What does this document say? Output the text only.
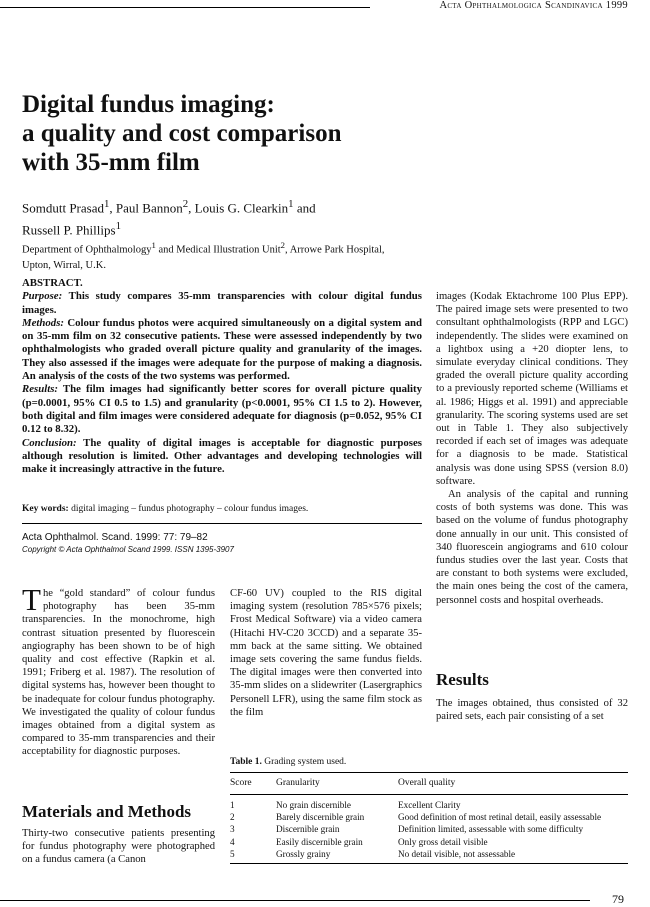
Acta Ophthalmologica Scandinavica 1999
Digital fundus imaging:
a quality and cost comparison
with 35-mm film
Somdutt Prasad$^1$, Paul Bannon$^2$, Louis G. Clearkin$^1$ and
Russell P. Phillips$^1$
Department of Ophthalmology$^1$ and Medical Illustration Unit$^2$, Arrowe Park Hospital, Upton, Wirral, U.K.

ABSTRACT.

Purpose: This study compares 35-mm transparencies with colour digital fundus images.

Methods: Colour fundus photos were acquired simultaneously on a digital system and on 35-mm film on 32 consecutive patients. These were assessed independently by two ophthalmologists who graded overall picture quality and granularity of the images. They also assessed if the images were adequate for the purpose of making a diagnosis. An analysis of the costs of the two systems was performed.

Results: The film images had significantly better scores for overall picture quality (p=0.0001, 95% CI 0.5 to 1.5) and granularity (p<0.0001, 95% CI 1.5 to 2). However, both digital and film images were considered adequate for diagnosis (p=0.052, 95% CI 0.12 to 8.32).

Conclusion: The quality of digital images is acceptable for diagnostic purposes although resolution is limited. Other advantages and developing technologies will make it increasingly attractive in the future.

Key words: digital imaging – fundus photography – colour fundus images.
Acta Ophthalmol. Scand. 1999: 77: 79–82
Copyright © Acta Ophthalmol Scand 1999. ISSN 1395-3907

The “gold standard” of colour fundus photography has been 35-mm transparencies. In the monochrome, high contrast situation presented by fluorescein angiography has been shown to be of high quality and cost effective (Rapkin et al. 1991; Friberg et al. 1987). The resolution of digital systems has, however been thought to be inadequate for colour fundus photography. We investigated the quality of colour fundus images obtained from a digital system as compared to 35-mm transparencies and their acceptability for diagnostic purposes.

Materials and Methods

Thirty-two consecutive patients presenting for fundus photography were photographed on a fundus camera (a Canon

CF-60 UV) coupled to the RIS digital imaging system (resolution 785×576 pixels; Frost Medical Software) via a video camera (Hitachi HV-C20 3CCD) and a separate 35-mm back at the same sitting. We obtained image sets covering the same fundus fields. The digital images were then converted into 35-mm slides on a slidewriter (Lasergraphics Personell LFR), using the same film stock as the film

images (Kodak Ektachrome 100 Plus EPP). The paired image sets were presented to two consultant ophthalmologists (RPP and LGC) independently. The slides were examined on a lightbox using a +20 diopter lens, to simulate everyday clinical conditions. They graded the overall picture quality according to a previously reported scheme (Williams et al. 1986; Higgs et al. 1991) and appreciable granularity. The scoring systems used are set out in Table 1. They also subjectively recorded if each set of images was adequate for a diagnosis to be made. Statistical analysis was done using SPSS (version 8.0) software.

An analysis of the capital and running costs of both systems was done. This was based on the volume of fundus photography done annually in our unit. This consisted of 340 fluorescein angiograms and 610 colour fundus studies over the last year. Costs that are constant to both systems were excluded, the main ones being the cost of the camera, personnel costs and hospital overheads.

Results

The images obtained, thus consisted of 32 paired sets, each pair consisting of a set

Table 1. Grading system used.
Score	Granularity	Overall quality
1
2
3
4
5
No grain discernible
Barely discernible grain
Discernible grain
Easily discernible grain
Grossly grainy
Excellent Clarity
Good definition of most retinal detail, easily assessable
Definition limited, assessable with some difficulty
Only gross detail visible
No detail visible, not assessable
79
